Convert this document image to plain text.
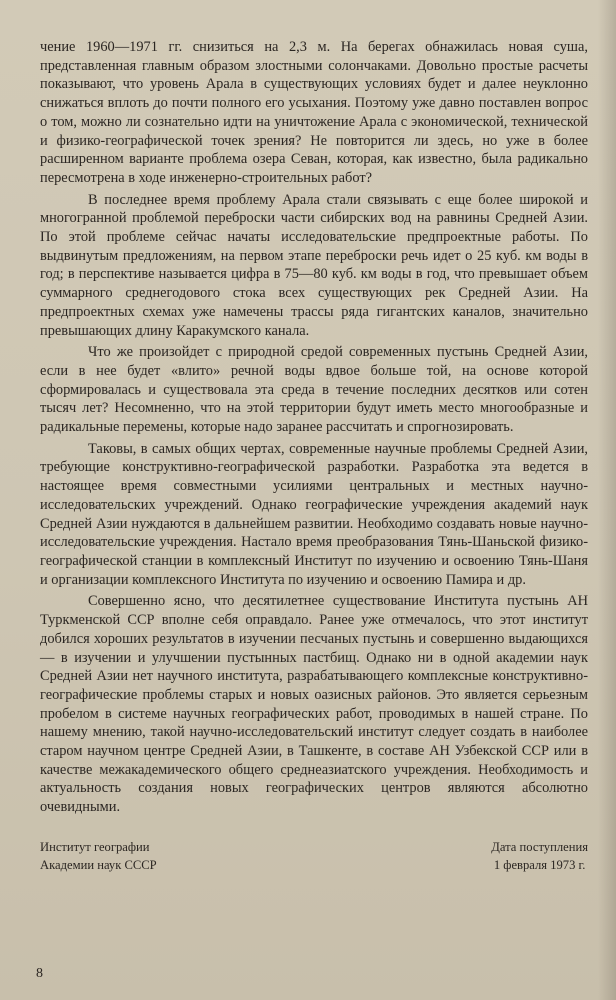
чение 1960—1971 гг. снизиться на 2,3 м. На берегах обнажилась новая суша, представленная главным образом злостными солончаками. Довольно простые расчеты показывают, что уровень Арала в существующих условиях будет и далее неуклонно снижаться вплоть до почти полного его усыхания. Поэтому уже давно поставлен вопрос о том, можно ли сознательно идти на уничтожение Арала с экономической, технической и физико-географической точек зрения? Не повторится ли здесь, но уже в более расширенном варианте проблема озера Севан, которая, как известно, была радикально пересмотрена в ходе инженерно-строительных работ?

В последнее время проблему Арала стали связывать с еще более широкой и многогранной проблемой переброски части сибирских вод на равнины Средней Азии. По этой проблеме сейчас начаты исследовательские предпроектные работы. По выдвинутым предложениям, на первом этапе переброски речь идет о 25 куб. км воды в год; в перспективе называется цифра в 75—80 куб. км воды в год, что превышает объем суммарного среднегодового стока всех существующих рек Средней Азии. На предпроектных схемах уже намечены трассы ряда гигантских каналов, значительно превышающих длину Каракумского канала.

Что же произойдет с природной средой современных пустынь Средней Азии, если в нее будет «влито» речной воды вдвое больше той, на основе которой сформировалась и существовала эта среда в течение последних десятков или сотен тысяч лет? Несомненно, что на этой территории будут иметь место многообразные и радикальные перемены, которые надо заранее рассчитать и спрогнозировать.

Таковы, в самых общих чертах, современные научные проблемы Средней Азии, требующие конструктивно-географической разработки. Разработка эта ведется в настоящее время совместными усилиями центральных и местных научно-исследовательских учреждений. Однако географические учреждения академий наук Средней Азии нуждаются в дальнейшем развитии. Необходимо создавать новые научно-исследовательские учреждения. Настало время преобразования Тянь-Шаньской физико-географической станции в комплексный Институт по изучению и освоению Тянь-Шаня и организации комплексного Института по изучению и освоению Памира и др.

Совершенно ясно, что десятилетнее существование Института пустынь АН Туркменской ССР вполне себя оправдало. Ранее уже отмечалось, что этот институт добился хороших результатов в изучении песчаных пустынь и совершенно выдающихся — в изучении и улучшении пустынных пастбищ. Однако ни в одной академии наук Средней Азии нет научного института, разрабатывающего комплексные конструктивно-географические проблемы старых и новых оазисных районов. Это является серьезным пробелом в системе научных географических работ, проводимых в нашей стране. По нашему мнению, такой научно-исследовательский институт следует создать в наиболее старом научном центре Средней Азии, в Ташкенте, в составе АН Узбекской ССР или в качестве межакадемического общего среднеазиатского учреждения. Необходимость и актуальность создания новых географических центров являются абсолютно очевидными.

Институт географии
Академии наук СССР
Дата поступления
1 февраля 1973 г.
8
